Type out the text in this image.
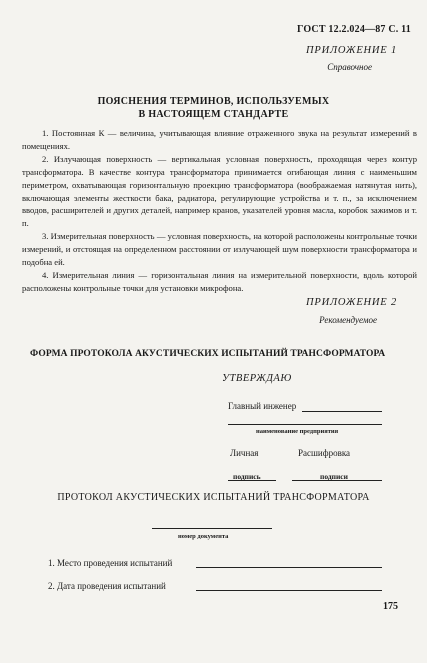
ГОСТ 12.2.024—87 С. 11
ПРИЛОЖЕНИЕ 1
Справочное
ПОЯСНЕНИЯ ТЕРМИНОВ, ИСПОЛЬЗУЕМЫХ
В НАСТОЯЩЕМ СТАНДАРТЕ

1. Постоянная К — величина, учитывающая влияние отраженного звука на результат измерений в помещениях.

2. Излучающая поверхность — вертикальная условная поверхность, проходящая через контур трансформатора. В качестве контура трансформатора принимается огибающая линия с наименьшим периметром, охватывающая горизонтальную проекцию трансформатора (воображаемая натянутая нить), включающая элементы жесткости бака, радиатора, регулирующие устройства и т. п., за исключением вводов, расширителей и других деталей, например кранов, указателей уровня масла, коробок зажимов и т. п.

3. Измерительная поверхность — условная поверхность, на которой расположены контрольные точки измерений, и отстоящая на определенном расстоянии от излучающей шум поверхности трансформатора и подобна ей.

4. Измерительная линия — горизонтальная линия на измерительной поверхности, вдоль которой расположены контрольные точки для установки микрофона.

ПРИЛОЖЕНИЕ 2
Рекомендуемое
ФОРМА ПРОТОКОЛА АКУСТИЧЕСКИХ ИСПЫТАНИЙ ТРАНСФОРМАТОРА
УТВЕРЖДАЮ
Главный инженер
наименование предприятия
Личная	Расшифровка
подпись	подписи
ПРОТОКОЛ АКУСТИЧЕСКИХ ИСПЫТАНИЙ ТРАНСФОРМАТОРА
номер документа
1. Место проведения испытаний
2. Дата проведения испытаний
175
